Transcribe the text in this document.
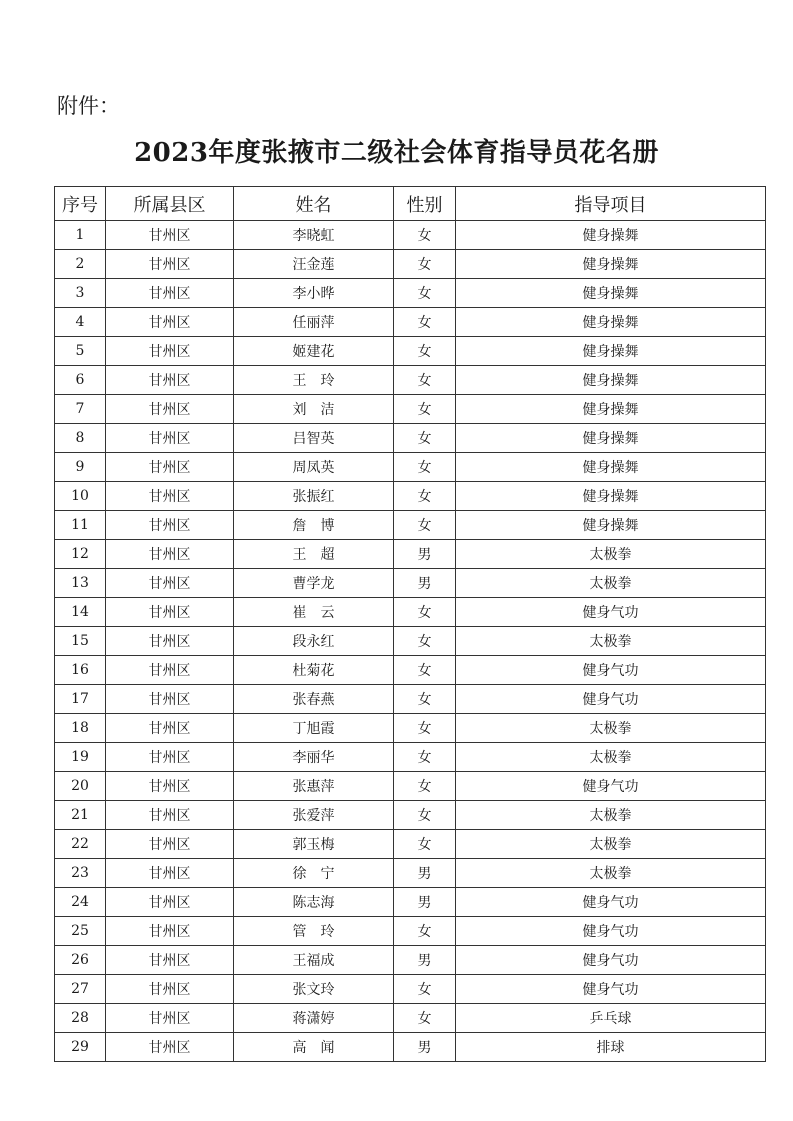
附件：
2023年度张掖市二级社会体育指导员花名册
序号	所属县区	姓名	性别	指导项目
1	甘州区	李晓虹	女	健身操舞
2	甘州区	汪金莲	女	健身操舞
3	甘州区	李小晔	女	健身操舞
4	甘州区	任丽萍	女	健身操舞
5	甘州区	姬建花	女	健身操舞
6	甘州区	王　玲	女	健身操舞
7	甘州区	刘　洁	女	健身操舞
8	甘州区	吕智英	女	健身操舞
9	甘州区	周凤英	女	健身操舞
10	甘州区	张振红	女	健身操舞
11	甘州区	詹　博	女	健身操舞
12	甘州区	王　超	男	太极拳
13	甘州区	曹学龙	男	太极拳
14	甘州区	崔　云	女	健身气功
15	甘州区	段永红	女	太极拳
16	甘州区	杜菊花	女	健身气功
17	甘州区	张春燕	女	健身气功
18	甘州区	丁旭霞	女	太极拳
19	甘州区	李丽华	女	太极拳
20	甘州区	张惠萍	女	健身气功
21	甘州区	张爱萍	女	太极拳
22	甘州区	郭玉梅	女	太极拳
23	甘州区	徐　宁	男	太极拳
24	甘州区	陈志海	男	健身气功
25	甘州区	管　玲	女	健身气功
26	甘州区	王福成	男	健身气功
27	甘州区	张文玲	女	健身气功
28	甘州区	蒋潇婷	女	乒乓球
29	甘州区	高　闻	男	排球
